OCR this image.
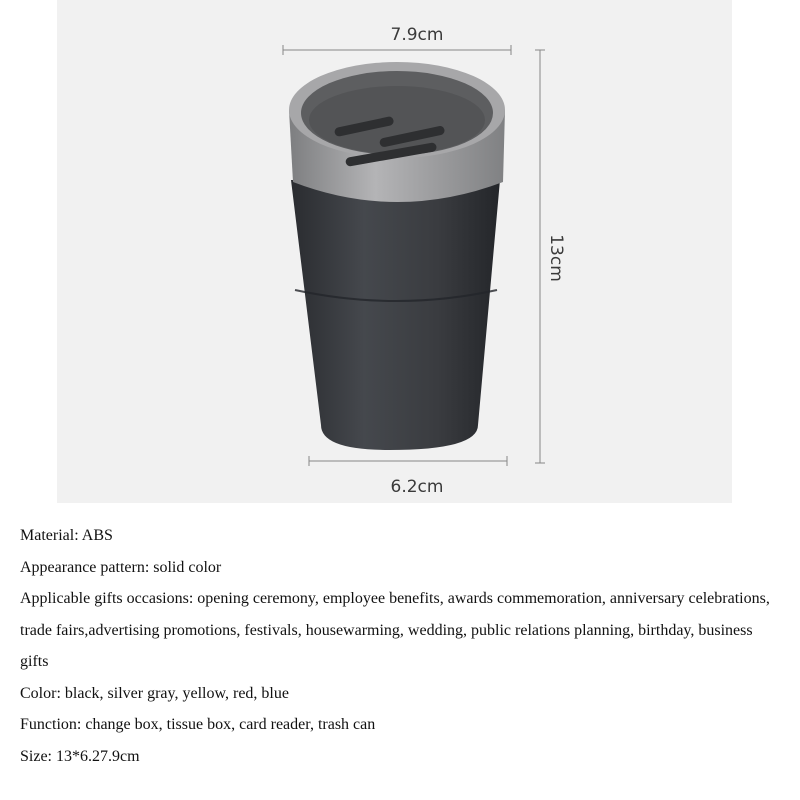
7.9cm
13cm
6.2cm

Material: ABS

Appearance pattern: solid color

Applicable gifts occasions: opening ceremony, employee benefits, awards commemoration, anniversary celebrations, trade fairs,advertising promotions, festivals, housewarming, wedding, public relations planning, birthday, business gifts

Color: black, silver gray, yellow, red, blue

Function: change box, tissue box, card reader, trash can

Size: 13*6.27.9cm
